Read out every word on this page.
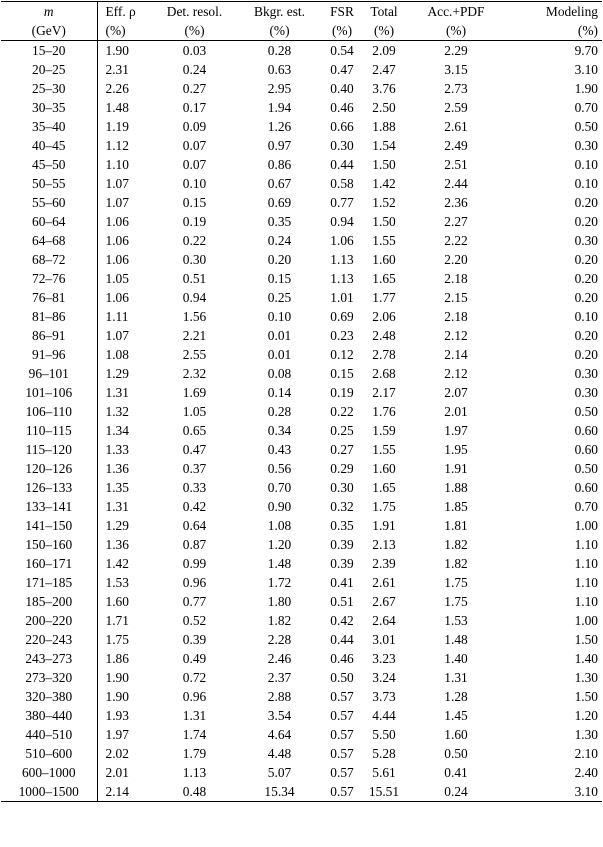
m	Eff. ρ	Det. resol.	Bkgr. est.	FSR	Total	Acc.+PDF	Modeling
(GeV)	(%)	(%)	(%)	(%)	(%)	(%)	(%)
15–20	1.90	0.03	0.28	0.54	2.09	2.29	9.70
20–25	2.31	0.24	0.63	0.47	2.47	3.15	3.10
25–30	2.26	0.27	2.95	0.40	3.76	2.73	1.90
30–35	1.48	0.17	1.94	0.46	2.50	2.59	0.70
35–40	1.19	0.09	1.26	0.66	1.88	2.61	0.50
40–45	1.12	0.07	0.97	0.30	1.54	2.49	0.30
45–50	1.10	0.07	0.86	0.44	1.50	2.51	0.10
50–55	1.07	0.10	0.67	0.58	1.42	2.44	0.10
55–60	1.07	0.15	0.69	0.77	1.52	2.36	0.20
60–64	1.06	0.19	0.35	0.94	1.50	2.27	0.20
64–68	1.06	0.22	0.24	1.06	1.55	2.22	0.30
68–72	1.06	0.30	0.20	1.13	1.60	2.20	0.20
72–76	1.05	0.51	0.15	1.13	1.65	2.18	0.20
76–81	1.06	0.94	0.25	1.01	1.77	2.15	0.20
81–86	1.11	1.56	0.10	0.69	2.06	2.18	0.10
86–91	1.07	2.21	0.01	0.23	2.48	2.12	0.20
91–96	1.08	2.55	0.01	0.12	2.78	2.14	0.20
96–101	1.29	2.32	0.08	0.15	2.68	2.12	0.30
101–106	1.31	1.69	0.14	0.19	2.17	2.07	0.30
106–110	1.32	1.05	0.28	0.22	1.76	2.01	0.50
110–115	1.34	0.65	0.34	0.25	1.59	1.97	0.60
115–120	1.33	0.47	0.43	0.27	1.55	1.95	0.60
120–126	1.36	0.37	0.56	0.29	1.60	1.91	0.50
126–133	1.35	0.33	0.70	0.30	1.65	1.88	0.60
133–141	1.31	0.42	0.90	0.32	1.75	1.85	0.70
141–150	1.29	0.64	1.08	0.35	1.91	1.81	1.00
150–160	1.36	0.87	1.20	0.39	2.13	1.82	1.10
160–171	1.42	0.99	1.48	0.39	2.39	1.82	1.10
171–185	1.53	0.96	1.72	0.41	2.61	1.75	1.10
185–200	1.60	0.77	1.80	0.51	2.67	1.75	1.10
200–220	1.71	0.52	1.82	0.42	2.64	1.53	1.00
220–243	1.75	0.39	2.28	0.44	3.01	1.48	1.50
243–273	1.86	0.49	2.46	0.46	3.23	1.40	1.40
273–320	1.90	0.72	2.37	0.50	3.24	1.31	1.30
320–380	1.90	0.96	2.88	0.57	3.73	1.28	1.50
380–440	1.93	1.31	3.54	0.57	4.44	1.45	1.20
440–510	1.97	1.74	4.64	0.57	5.50	1.60	1.30
510–600	2.02	1.79	4.48	0.57	5.28	0.50	2.10
600–1000	2.01	1.13	5.07	0.57	5.61	0.41	2.40
1000–1500	2.14	0.48	15.34	0.57	15.51	0.24	3.10
